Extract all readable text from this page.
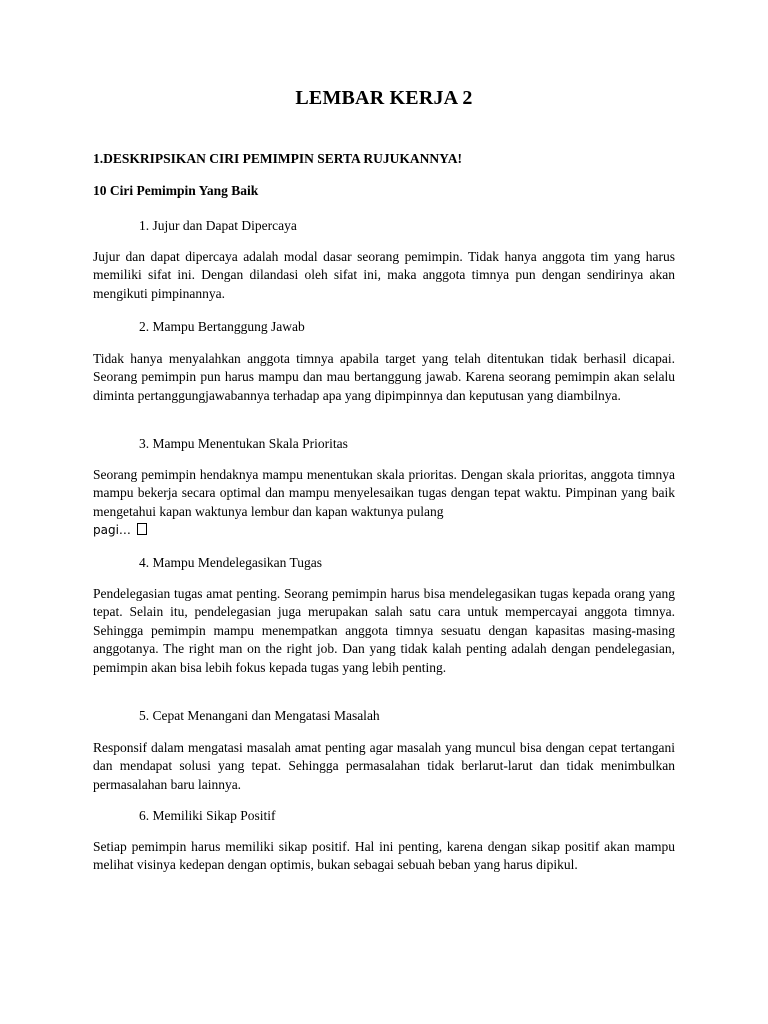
LEMBAR KERJA 2

1.DESKRIPSIKAN CIRI PEMIMPIN SERTA RUJUKANNYA!

10 Ciri Pemimpin Yang Baik

1. Jujur dan Dapat Dipercaya

Jujur dan dapat dipercaya adalah modal dasar seorang pemimpin. Tidak hanya anggota tim yang harus memiliki sifat ini. Dengan dilandasi oleh sifat ini, maka anggota timnya pun dengan sendirinya akan mengikuti pimpinannya.

2. Mampu Bertanggung Jawab

Tidak hanya menyalahkan anggota timnya apabila target yang telah ditentukan tidak berhasil dicapai. Seorang pemimpin pun harus mampu dan mau bertanggung jawab. Karena seorang pemimpin akan selalu diminta pertanggungjawabannya terhadap apa yang dipimpinnya dan keputusan yang diambilnya.

3. Mampu Menentukan Skala Prioritas

Seorang pemimpin hendaknya mampu menentukan skala prioritas. Dengan skala prioritas, anggota timnya mampu bekerja secara optimal dan mampu menyelesaikan tugas dengan tepat waktu. Pimpinan yang baik mengetahui kapan waktunya lembur dan kapan waktunya pulang
pagi…

4. Mampu Mendelegasikan Tugas

Pendelegasian tugas amat penting. Seorang pemimpin harus bisa mendelegasikan tugas kepada orang yang tepat. Selain itu, pendelegasian juga merupakan salah satu cara untuk mempercayai anggota timnya. Sehingga pemimpin mampu menempatkan anggota timnya sesuatu dengan kapasitas masing-masing anggotanya. The right man on the right job. Dan yang tidak kalah penting adalah dengan pendelegasian, pemimpin akan bisa lebih fokus kepada tugas yang lebih penting.

5. Cepat Menangani dan Mengatasi Masalah

Responsif dalam mengatasi masalah amat penting agar masalah yang muncul bisa dengan cepat tertangani dan mendapat solusi yang tepat. Sehingga permasalahan tidak berlarut-larut dan tidak menimbulkan permasalahan baru lainnya.

6. Memiliki Sikap Positif

Setiap pemimpin harus memiliki sikap positif. Hal ini penting, karena dengan sikap positif akan mampu melihat visinya kedepan dengan optimis, bukan sebagai sebuah beban yang harus dipikul.
